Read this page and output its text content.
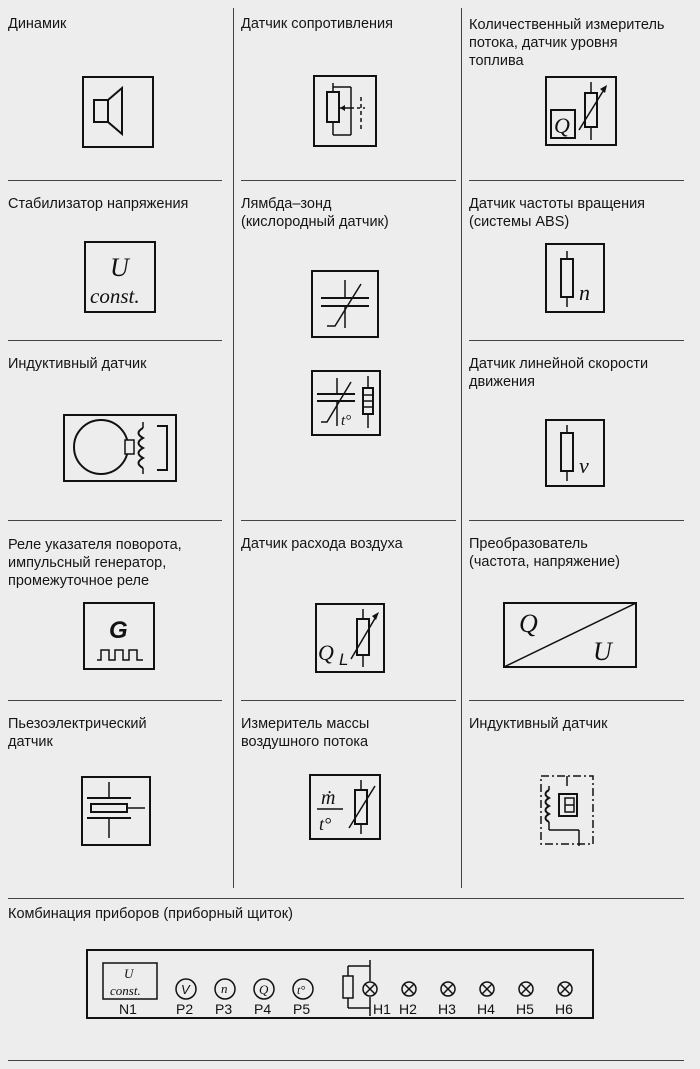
Динамик	Датчик сопротивления	Количественный измеритель
потока, датчик уровня
топлива
Q
Стабилизатор напряжения
U
const.
Лямбда–зонд
(кислородный датчик)
t°
Датчик частоты вращения
(системы ABS)
n
Индуктивный датчик	Датчик линейной скорости
движения
v
Реле указателя поворота,
импульсный генератор,
промежуточное реле
G
Датчик расхода воздуха
Q L
Преобразователь
(частота, напряжение)
Q
U
Пьезоэлектрический
датчик
Измеритель массы
воздушного потока
ṁ
t°
Индуктивный датчик
Комбинация приборов (приборный щиток)
U
const.	V n Q t°
N1	P2 P3 P4 P5	H1 H2 H3 H4 H5 H6
